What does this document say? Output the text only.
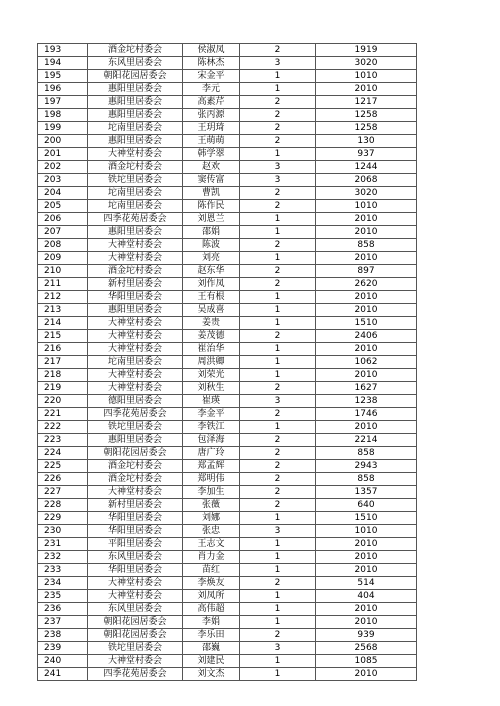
193	酒金坨村委会	侯淑凤	2	1919
194	东风里居委会	陈林杰	3	3020
195	朝阳花园居委会	宋金平	1	1010
196	惠阳里居委会	李元	1	2010
197	惠阳里居委会	高素芹	2	1217
198	惠阳里居委会	张丙源	2	1258
199	坨南里居委会	王玥琦	2	1258
200	惠阳里居委会	王萌萌	2	130
201	大神堂村委会	韩学翠	1	937
202	酒金坨村委会	赵欢	3	1244
203	铁坨里居委会	窦传富	3	2068
204	坨南里居委会	曹凯	2	3020
205	坨南里居委会	陈作民	2	1010
206	四季花苑居委会	刘恩兰	1	2010
207	惠阳里居委会	邵娟	1	2010
208	大神堂村委会	陈波	2	858
209	大神堂村委会	刘亮	1	2010
210	酒金坨村委会	赵东华	2	897
211	新村里居委会	刘作凤	2	2620
212	华阳里居委会	王有根	1	2010
213	惠阳里居委会	吴成喜	1	2010
214	大神堂村委会	姜贵	1	1510
215	大神堂村委会	姜茂德	2	2406
216	大神堂村委会	崔治华	1	2010
217	坨南里居委会	周洪卿	1	1062
218	大神堂村委会	刘荣光	1	2010
219	大神堂村委会	刘秋生	2	1627
220	德阳里居委会	崔瑛	3	1238
221	四季花苑居委会	李金平	2	1746
222	铁坨里居委会	李铁江	1	2010
223	惠阳里居委会	包泽海	2	2214
224	朝阳花园居委会	唐广玲	2	858
225	酒金坨村委会	郑孟辉	2	2943
226	酒金坨村委会	郑明伟	2	858
227	大神堂村委会	李加生	2	1357
228	新村里居委会	张薇	2	640
229	华阳里居委会	刘娜	1	1510
230	华阳里居委会	张忠	3	1010
231	平阳里居委会	王志文	1	2010
232	东风里居委会	肖力金	1	2010
233	华阳里居委会	苗红	1	2010
234	大神堂村委会	李焕友	2	514
235	大神堂村委会	刘凤所	1	404
236	东风里居委会	高伟超	1	2010
237	朝阳花园居委会	李娟	1	2010
238	朝阳花园居委会	李乐田	2	939
239	铁坨里居委会	邵巍	3	2568
240	大神堂村委会	刘建民	1	1085
241	四季花苑居委会	刘文杰	1	2010
